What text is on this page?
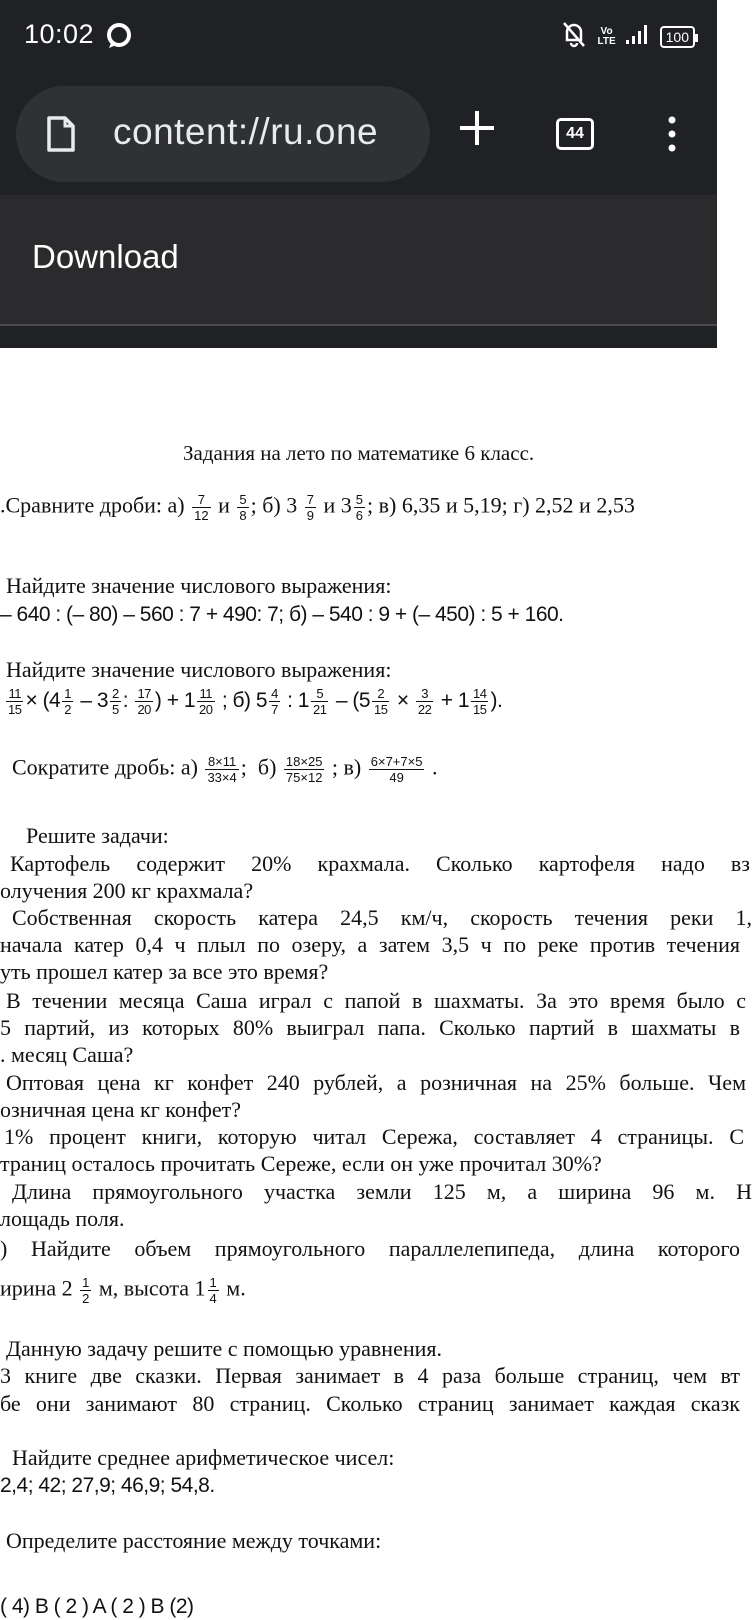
10:02	Vo
LTE	100
content://ru.one	44
Download
Задания на лето по математике 6 класс.
.Сравните дроби: $а) \frac{7}{12}$ и $\frac{5}{8}$ ; б) $3 \frac{7}{9}$ и $3 \frac{5}{6}$ ; в) 6,35 и 5,19; г) 2,52 и 2,53
Найдите значение числового выражения:
– 640 : (– 80) – 560 : 7 + 490: 7; б) – 540 : 9 + (– 450) : 5 + 160.
Найдите значение числового выражения:
$\frac{11}{15} \times (4 \frac{1}{2} - 3 \frac{2}{5}$ : $\frac{17}{20}$ ) + $1 \frac{11}{20}$ ; б) $5 \frac{4}{7}$ : $1 \frac{5}{21} - (5 \frac{2}{15} \times \frac{3}{22} + 1 \frac{14}{15}$ ).
Сократите дробь: $а) \frac{8\times 11}{33\times 4}$ ; $б) \frac{18\times 25}{75\times 12}$ ; $в) \frac{6\times 7+7\times 5}{49}$ .
Решите задачи:
Картофель содержит 20% крахмала. Сколько картофеля надо вз
олучения 200 кг крахмала?
Собственная скорость катера 24,5 км/ч, скорость течения реки 1,
начала катер 0,4 ч плыл по озеру, а затем 3,5 ч по реке против течения
уть прошел катер за все это время?
В течении месяца Саша играл с папой в шахматы. За это время было с
5 партий, из которых 80% выиграл папа. Сколько партий в шахматы в
. месяц Саша?
Оптовая цена кг конфет 240 рублей, а розничная на 25% больше. Чем
озничная цена кг конфет?
1% процент книги, которую читал Сережа, составляет 4 страницы. С
траниц осталось прочитать Сереже, если он уже прочитал 30%?
Длина прямоугольного участка земли 125 м, а ширина 96 м. Н
лощадь поля.
) Найдите объем прямоугольного параллелепипеда, длина которого
ирина $2 \frac{1}{2} м$, высота $1 \frac{1}{4} м$.
Данную задачу решите с помощью уравнения.
3 книге две сказки. Первая занимает в 4 раза больше страниц, чем вт
бе они занимают 80 страниц. Сколько страниц занимает каждая сказк
Найдите среднее арифметическое чисел:
2,4; 42; 27,9; 46,9; 54,8.
Определите расстояние между точками:
( 4) B ( 2 ) A ( 2 ) B (2)
